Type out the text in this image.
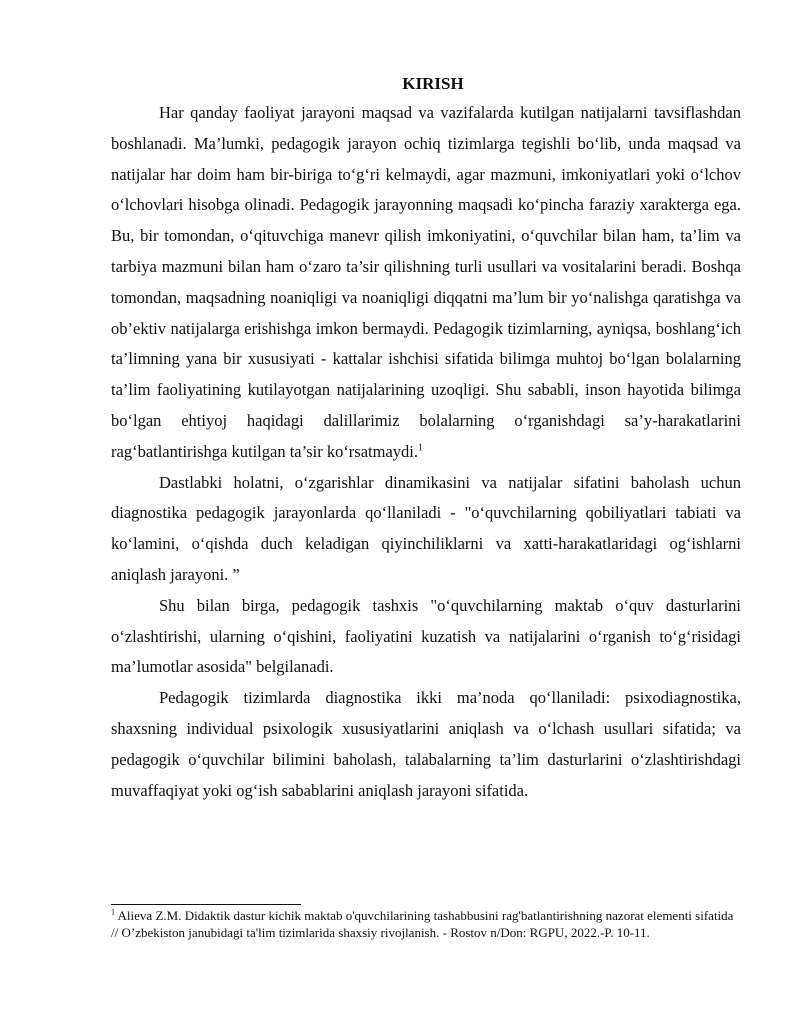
KIRISH

Har qanday faoliyat jarayoni maqsad va vazifalarda kutilgan natijalarni tavsiflashdan boshlanadi. Ma’lumki, pedagogik jarayon ochiq tizimlarga tegishli bo‘lib, unda maqsad va natijalar har doim ham bir-biriga to‘g‘ri kelmaydi, agar mazmuni, imkoniyatlari yoki o‘lchov o‘lchovlari hisobga olinadi. Pedagogik jarayonning maqsadi ko‘pincha faraziy xarakterga ega. Bu, bir tomondan, o‘qituvchiga manevr qilish imkoniyatini, o‘quvchilar bilan ham, ta’lim va tarbiya mazmuni bilan ham o‘zaro ta’sir qilishning turli usullari va vositalarini beradi. Boshqa tomondan, maqsadning noaniqligi va noaniqligi diqqatni ma’lum bir yo‘nalishga qaratishga va ob’ektiv natijalarga erishishga imkon bermaydi. Pedagogik tizimlarning, ayniqsa, boshlang‘ich ta’limning yana bir xususiyati - kattalar ishchisi sifatida bilimga muhtoj bo‘lgan bolalarning ta’lim faoliyatining kutilayotgan natijalarining uzoqligi. Shu sababli, inson hayotida bilimga bo‘lgan ehtiyoj haqidagi dalillarimiz bolalarning o‘rganishdagi sa’y-harakatlarini rag‘batlantirishga kutilgan ta’sir ko‘rsatmaydi.$^1$

Dastlabki holatni, o‘zgarishlar dinamikasini va natijalar sifatini baholash uchun diagnostika pedagogik jarayonlarda qo‘llaniladi - "o‘quvchilarning qobiliyatlari tabiati va ko‘lamini, o‘qishda duch keladigan qiyinchiliklarni va xatti-harakatlaridagi og‘ishlarni aniqlash jarayoni. ”

Shu bilan birga, pedagogik tashxis "o‘quvchilarning maktab o‘quv dasturlarini o‘zlashtirishi, ularning o‘qishini, faoliyatini kuzatish va natijalarini o‘rganish to‘g‘risidagi ma’lumotlar asosida" belgilanadi.

Pedagogik tizimlarda diagnostika ikki ma’noda qo‘llaniladi: psixodiagnostika, shaxsning individual psixologik xususiyatlarini aniqlash va o‘lchash usullari sifatida; va pedagogik o‘quvchilar bilimini baholash, talabalarning ta’lim dasturlarini o‘zlashtirishdagi muvaffaqiyat yoki og‘ish sabablarini aniqlash jarayoni sifatida.

$^1$ Alieva Z.M. Didaktik dastur kichik maktab o'quvchilarining tashabbusini rag'batlantirishning nazorat elementi sifatida // O’zbekiston janubidagi ta'lim tizimlarida shaxsiy rivojlanish. - Rostov n/Don: RGPU, 2022.-P. 10-11.
